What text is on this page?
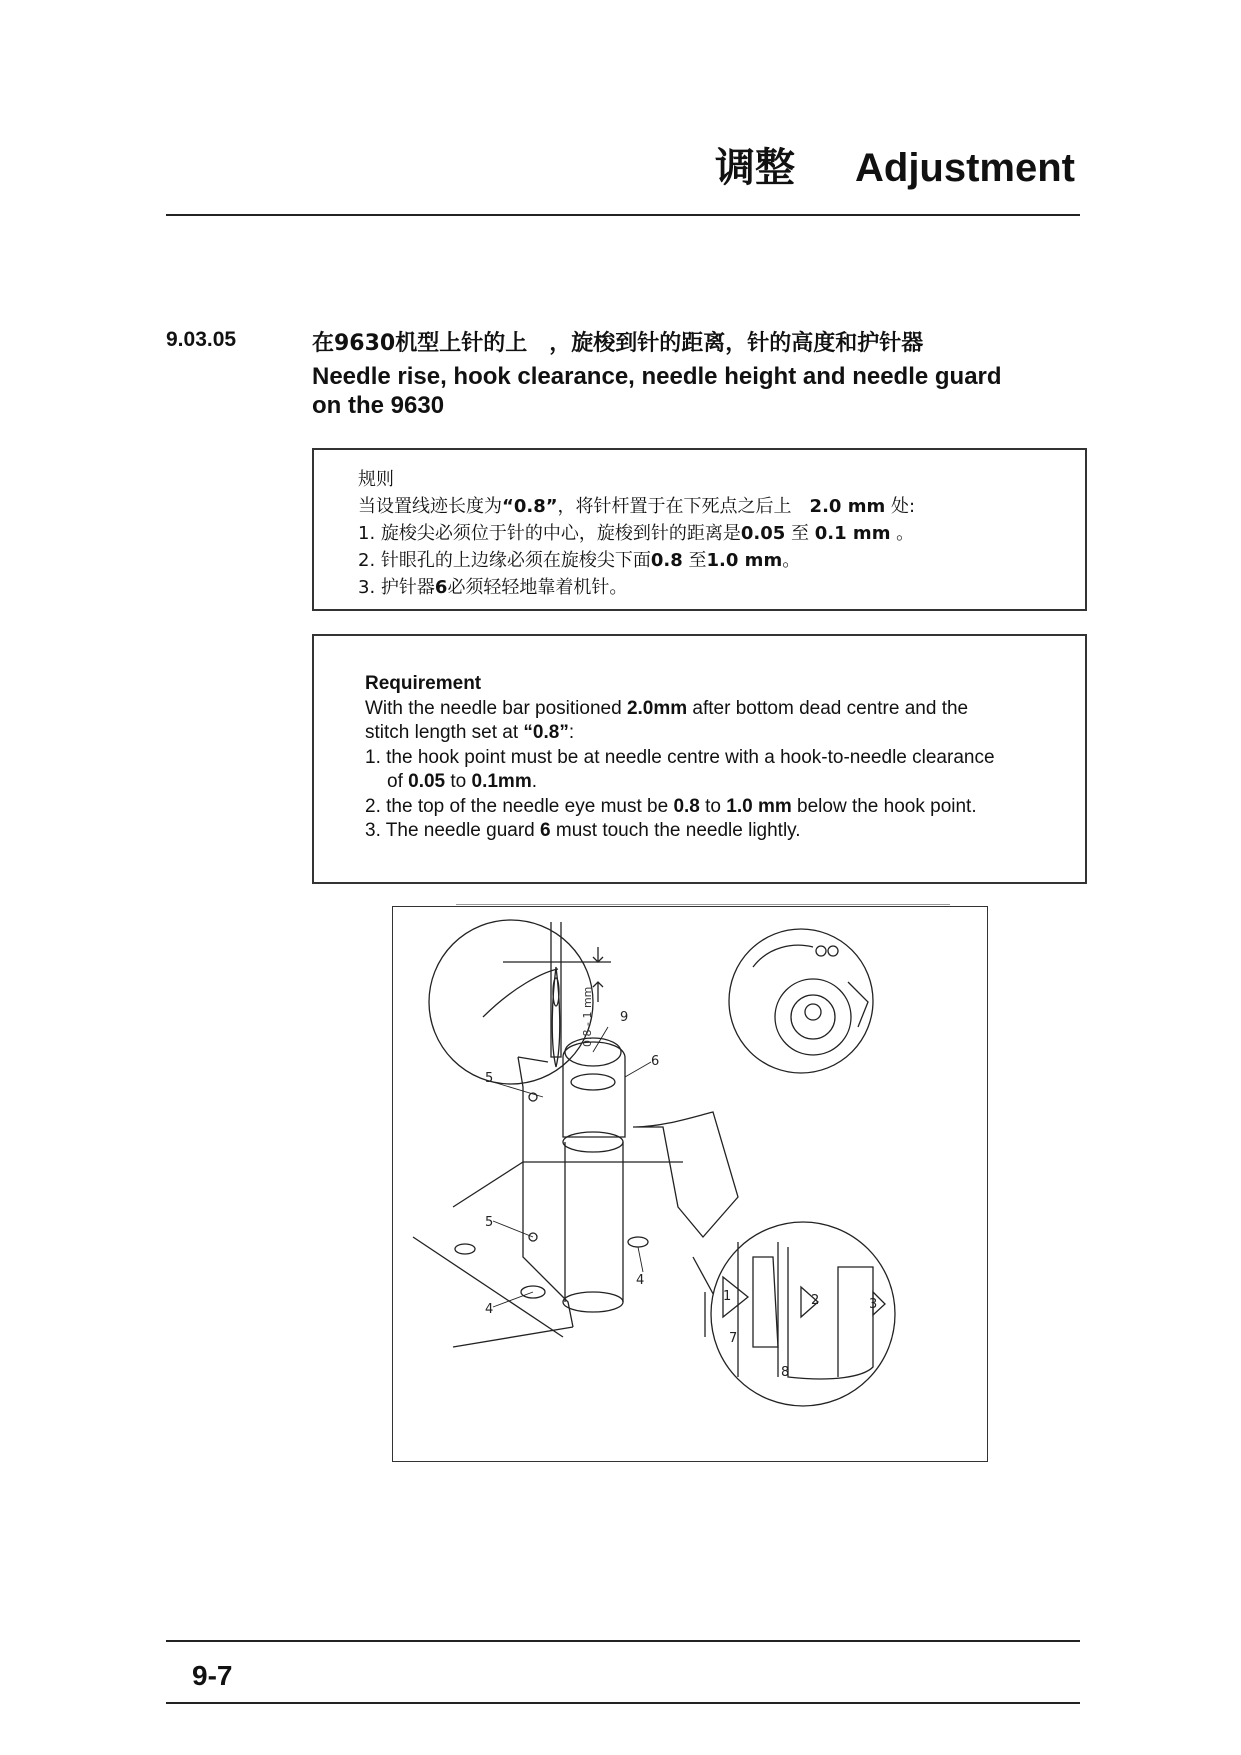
调整 Adjustment
9.03.05	在9630机型上针的上　，旋梭到针的距离，针的高度和护针器
Needle rise, hook clearance, needle height and needle guard
on the 9630
规则
当设置线迹长度为“0.8”，将针杆置于在下死点之后上　2.0 mm 处:
1. 旋梭尖必须位于针的中心，旋梭到针的距离是0.05 至 0.1 mm 。
2. 针眼孔的上边缘必须在旋梭尖下面0.8 至1.0 mm。
3. 护针器6必须轻轻地靠着机针。
Requirement
With the needle bar positioned 2.0mm after bottom dead centre and the
stitch length set at “0.8”:
1. the hook point must be at needle centre with a hook-to-needle clearance
of 0.05 to 0.1mm.
2. the top of the needle eye must be 0.8 to 1.0 mm below the hook point.
3. The needle guard 6 must touch the needle lightly.
0.8 - 1 mm
1	2	3
4
4
5
5
6
7
8
9
9-7
